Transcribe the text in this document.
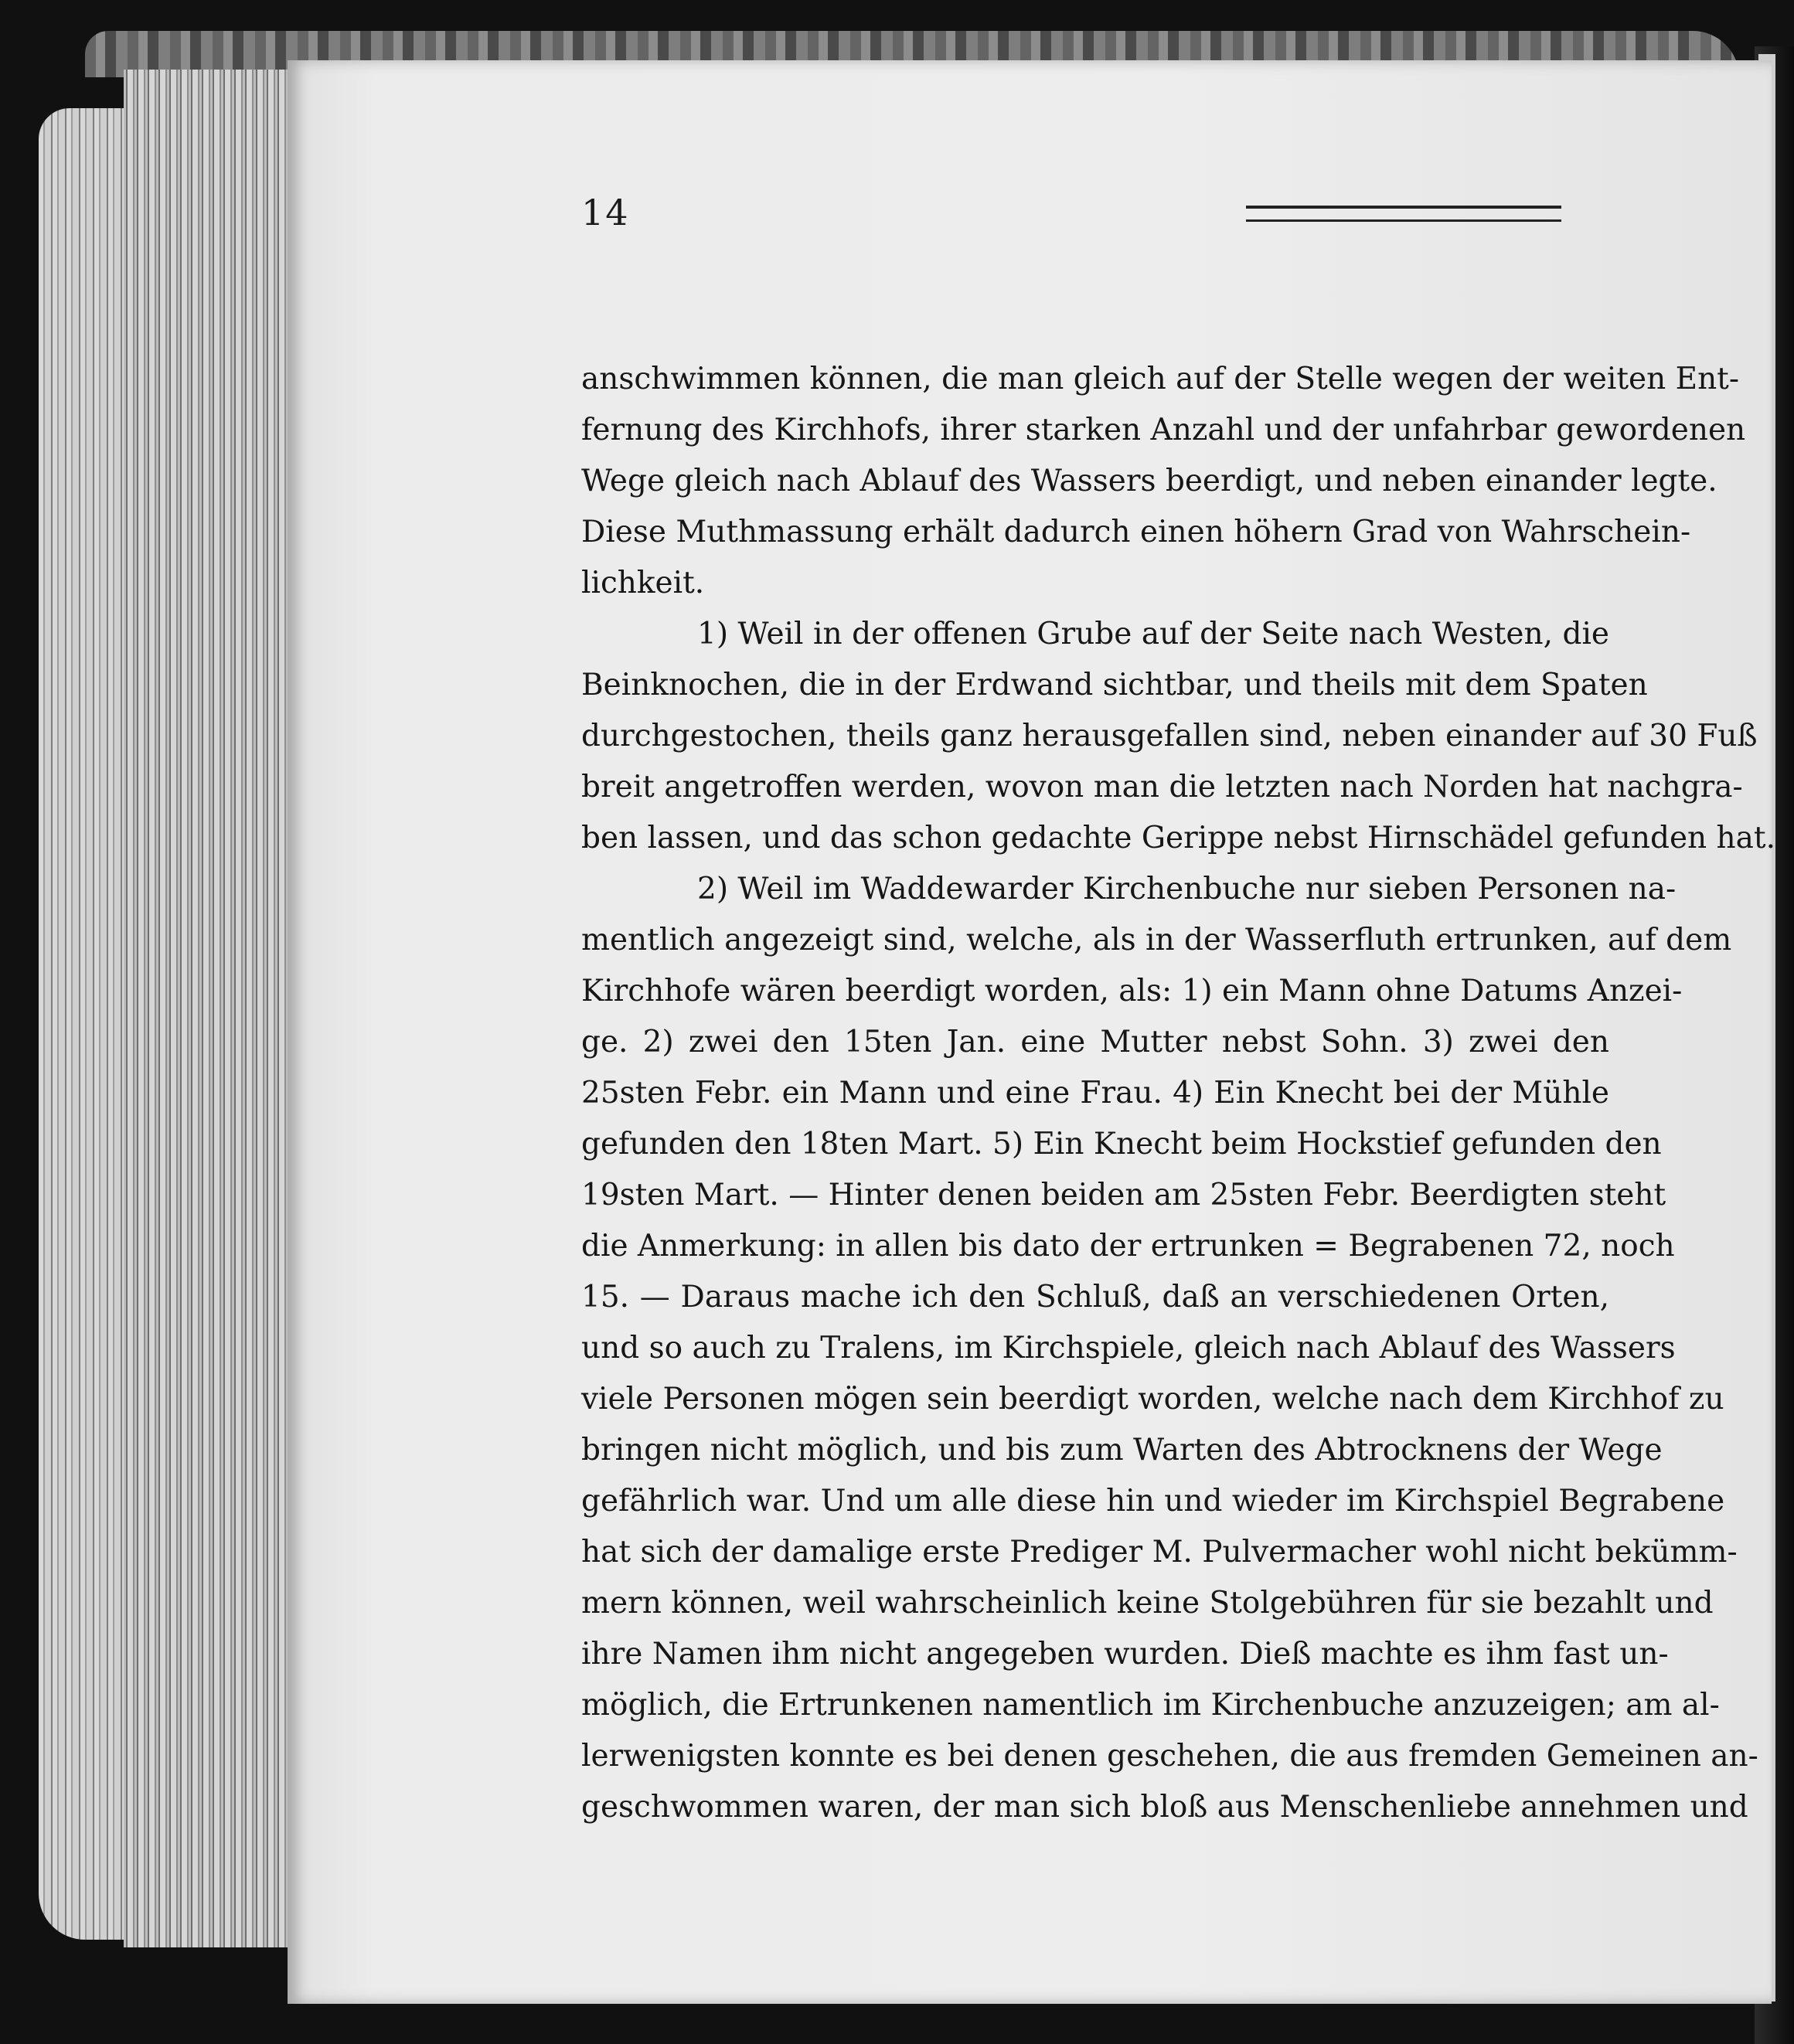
14
anschwimmen können, die man gleich auf der Stelle wegen der weiten Ent-
fernung des Kirchhofs, ihrer starken Anzahl und der unfahrbar gewordenen
Wege gleich nach Ablauf des Wassers beerdigt, und neben einander legte.
Diese Muthmassung erhält dadurch einen höhern Grad von Wahrschein-
lichkeit.
1) Weil in der offenen Grube auf der Seite nach Westen, die
Beinknochen, die in der Erdwand sichtbar, und theils mit dem Spaten
durchgestochen, theils ganz herausgefallen sind, neben einander auf 30 Fuß
breit angetroffen werden, wovon man die letzten nach Norden hat nachgra-
ben lassen, und das schon gedachte Gerippe nebst Hirnschädel gefunden hat.
2) Weil im Waddewarder Kirchenbuche nur sieben Personen na-
mentlich angezeigt sind, welche, als in der Wasserfluth ertrunken, auf dem
Kirchhofe wären beerdigt worden, als: 1) ein Mann ohne Datums Anzei-
ge. 2) zwei den 15ten Jan. eine Mutter nebst Sohn. 3) zwei den
25sten Febr. ein Mann und eine Frau. 4) Ein Knecht bei der Mühle
gefunden den 18ten Mart. 5) Ein Knecht beim Hockstief gefunden den
19sten Mart. — Hinter denen beiden am 25sten Febr. Beerdigten steht
die Anmerkung: in allen bis dato der ertrunken = Begrabenen 72, noch
15. — Daraus mache ich den Schluß, daß an verschiedenen Orten,
und so auch zu Tralens, im Kirchspiele, gleich nach Ablauf des Wassers
viele Personen mögen sein beerdigt worden, welche nach dem Kirchhof zu
bringen nicht möglich, und bis zum Warten des Abtrocknens der Wege
gefährlich war. Und um alle diese hin und wieder im Kirchspiel Begrabene
hat sich der damalige erste Prediger M. Pulvermacher wohl nicht bekümm-
mern können, weil wahrscheinlich keine Stolgebühren für sie bezahlt und
ihre Namen ihm nicht angegeben wurden. Dieß machte es ihm fast un-
möglich, die Ertrunkenen namentlich im Kirchenbuche anzuzeigen; am al-
lerwenigsten konnte es bei denen geschehen, die aus fremden Gemeinen an-
geschwommen waren, der man sich bloß aus Menschenliebe annehmen und
